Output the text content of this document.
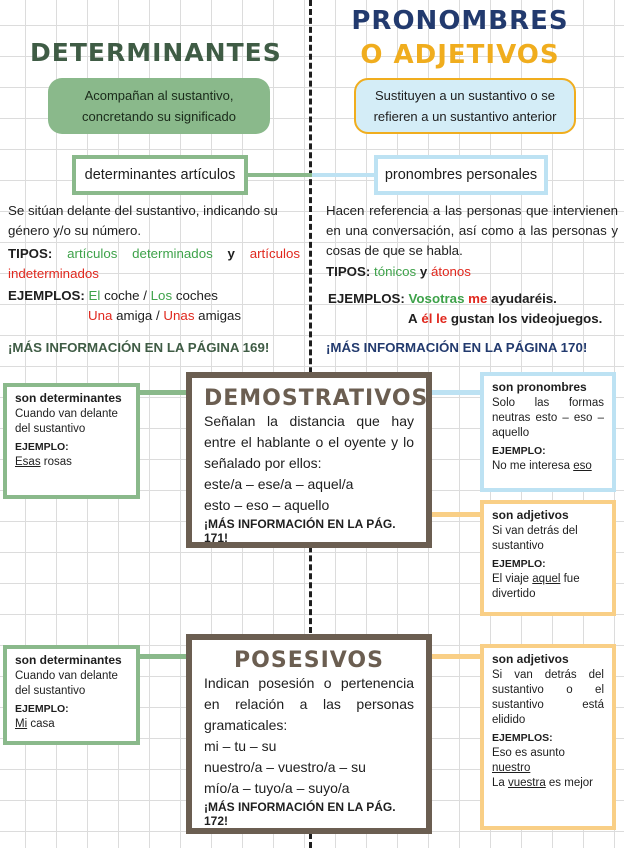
DETERMINANTES
Acompañan al sustantivo, concretando su significado
PRONOMBRES
O ADJETIVOS
Sustituyen a un sustantivo o se refieren a un sustantivo anterior
determinantes artículos	pronombres personales
Se sitúan delante del sustantivo, indicando su género y/o su número.
TIPOS: artículos determinados y artículos indeterminados
EJEMPLOS: El coche / Los coches
Una amiga / Unas amigas
¡MÁS INFORMACIÓN EN LA PÁGINA 169!
Hacen referencia a las personas que intervienen en una conversación, así como a las personas y cosas de que se habla.
TIPOS: tónicos y átonos
EJEMPLOS: Vosotras me ayudaréis.
A él le gustan los videojuegos.
¡MÁS INFORMACIÓN EN LA PÁGINA 170!
DEMOSTRATIVOS
Señalan la distancia que hay entre el hablante o el oyente y lo señalado por ellos:
este/a – ese/a – aquel/a
esto – eso – aquello
¡MÁS INFORMACIÓN EN LA PÁG. 171!
son determinantes
Cuando van delante del sustantivo
EJEMPLO:
Esas rosas
son pronombres
Solo las formas neutras esto – eso – aquello
EJEMPLO:
No me interesa eso
son adjetivos
Si van detrás del sustantivo
EJEMPLO:
El viaje aquel fue divertido
POSESIVOS
Indican posesión o pertenencia en relación a las personas gramaticales:
mi – tu – su
nuestro/a – vuestro/a – su
mío/a – tuyo/a – suyo/a
¡MÁS INFORMACIÓN EN LA PÁG. 172!
son determinantes
Cuando van delante del sustantivo
EJEMPLO:
Mi casa
son adjetivos
Si van detrás del sustantivo o el sustantivo está elidido
EJEMPLOS:
Eso es asunto nuestro
La vuestra es mejor
